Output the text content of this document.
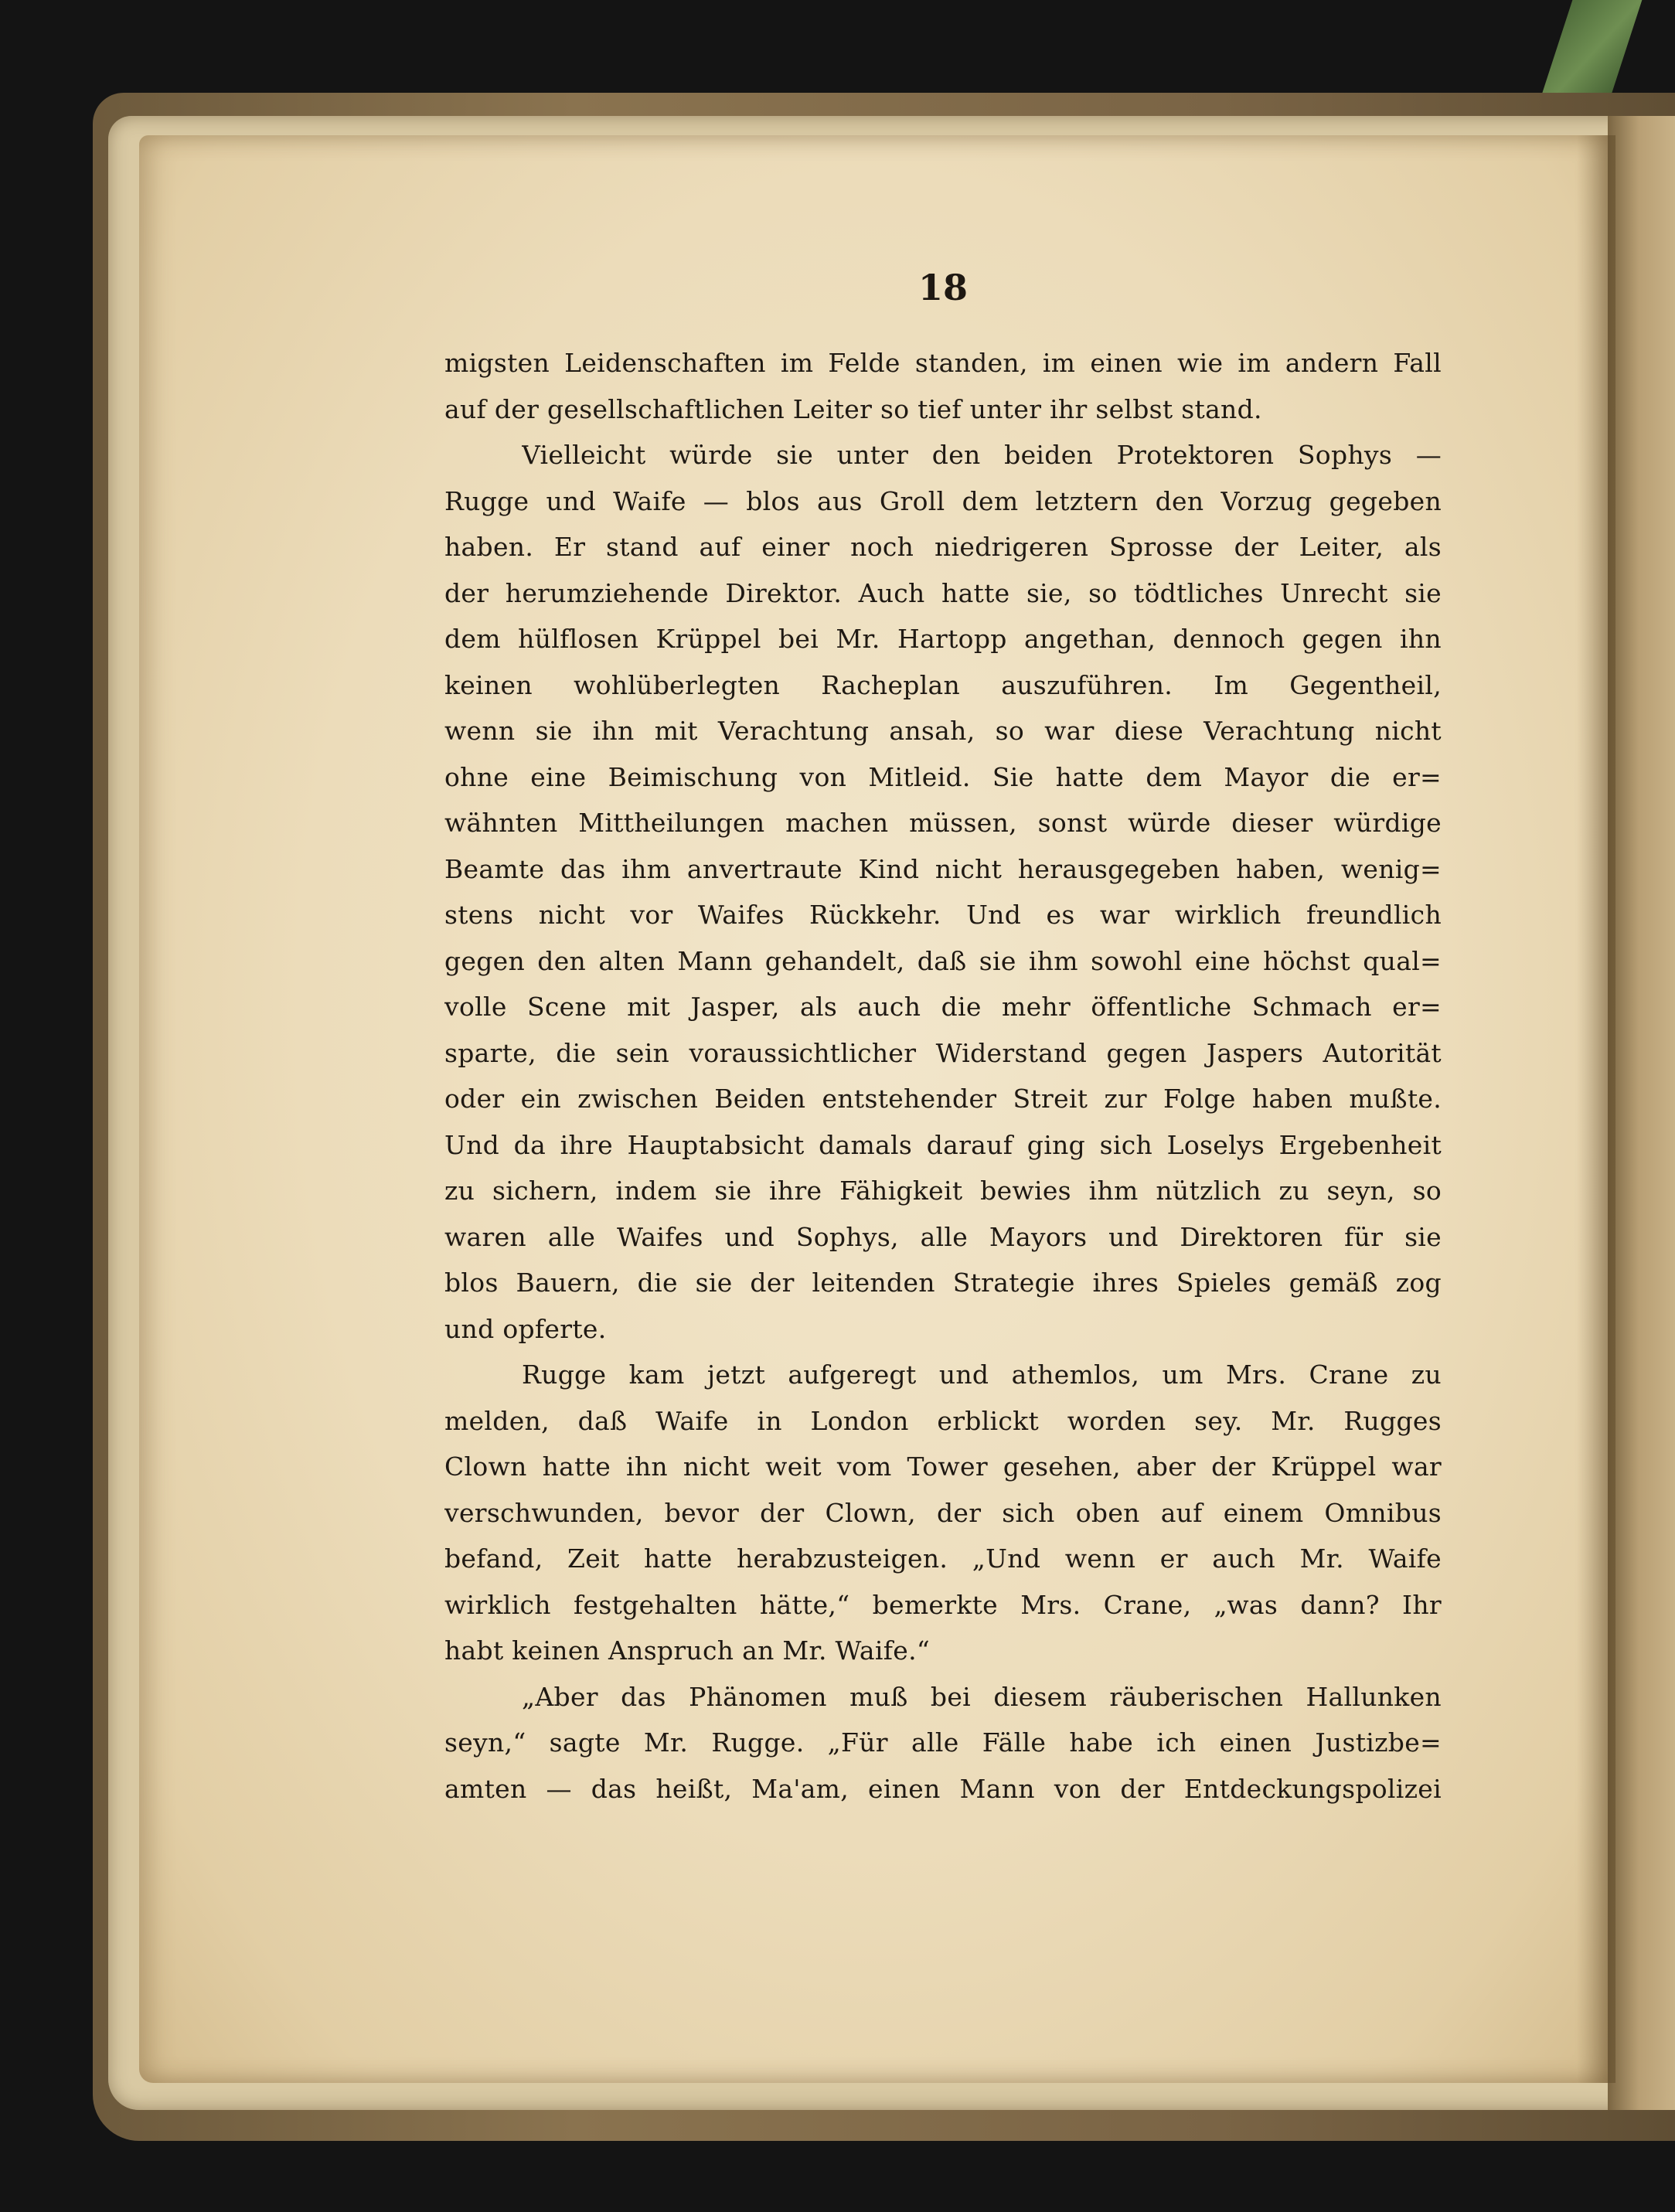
18
migsten Leidenschaften im Felde standen, im einen wie im andern Fall
auf der gesellschaftlichen Leiter so tief unter ihr selbst stand.
Vielleicht würde sie unter den beiden Protektoren Sophys —
Rugge und Waife — blos aus Groll dem letztern den Vorzug gegeben
haben. Er stand auf einer noch niedrigeren Sprosse der Leiter, als
der herumziehende Direktor. Auch hatte sie, so tödtliches Unrecht sie
dem hülflosen Krüppel bei Mr. Hartopp angethan, dennoch gegen ihn
keinen wohlüberlegten Racheplan auszuführen. Im Gegentheil,
wenn sie ihn mit Verachtung ansah, so war diese Verachtung nicht
ohne eine Beimischung von Mitleid. Sie hatte dem Mayor die er=
wähnten Mittheilungen machen müssen, sonst würde dieser würdige
Beamte das ihm anvertraute Kind nicht herausgegeben haben, wenig=
stens nicht vor Waifes Rückkehr. Und es war wirklich freundlich
gegen den alten Mann gehandelt, daß sie ihm sowohl eine höchst qual=
volle Scene mit Jasper, als auch die mehr öffentliche Schmach er=
sparte, die sein voraussichtlicher Widerstand gegen Jaspers Autorität
oder ein zwischen Beiden entstehender Streit zur Folge haben mußte.
Und da ihre Hauptabsicht damals darauf ging sich Loselys Ergebenheit
zu sichern, indem sie ihre Fähigkeit bewies ihm nützlich zu seyn, so
waren alle Waifes und Sophys, alle Mayors und Direktoren für sie
blos Bauern, die sie der leitenden Strategie ihres Spieles gemäß zog
und opferte.
Rugge kam jetzt aufgeregt und athemlos, um Mrs. Crane zu
melden, daß Waife in London erblickt worden sey. Mr. Rugges
Clown hatte ihn nicht weit vom Tower gesehen, aber der Krüppel war
verschwunden, bevor der Clown, der sich oben auf einem Omnibus
befand, Zeit hatte herabzusteigen. „Und wenn er auch Mr. Waife
wirklich festgehalten hätte,“ bemerkte Mrs. Crane, „was dann? Ihr
habt keinen Anspruch an Mr. Waife.“
„Aber das Phänomen muß bei diesem räuberischen Hallunken
seyn,“ sagte Mr. Rugge. „Für alle Fälle habe ich einen Justizbe=
amten — das heißt, Ma'am, einen Mann von der Entdeckungspolizei
